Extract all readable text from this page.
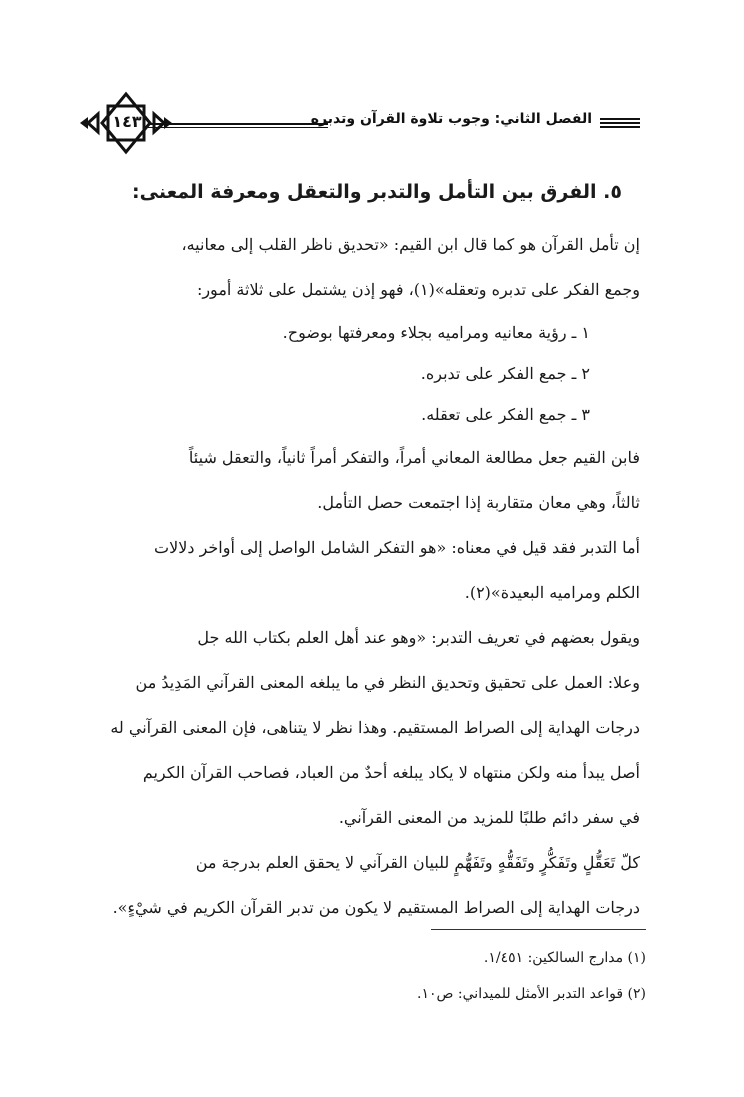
١٤٣	الفصل الثاني: وجوب تلاوة القرآن وتدبره
٥. الفرق بين التأمل والتدبر والتعقل ومعرفة المعنى:

إن تأمل القرآن هو كما قال ابن القيم: «تحديق ناظر القلب إلى معانيه،

وجمع الفكر على تدبره وتعقله»(١)، فهو إذن يشتمل على ثلاثة أمور:

١ ـ رؤية معانيه ومراميه بجلاء ومعرفتها بوضوح.

٢ ـ جمع الفكر على تدبره.

٣ ـ جمع الفكر على تعقله.

فابن القيم جعل مطالعة المعاني أمراً، والتفكر أمراً ثانياً، والتعقل شيئاً

ثالثاً، وهي معان متقاربة إذا اجتمعت حصل التأمل.

أما التدبر فقد قيل في معناه: «هو التفكر الشامل الواصل إلى أواخر دلالات

الكلم ومراميه البعيدة»(٢).

ويقول بعضهم في تعريف التدبر: «وهو عند أهل العلم بكتاب الله جل

وعلا: العمل على تحقيق وتحديق النظر في ما يبلغه المعنى القرآني المَدِيدُ من

درجات الهداية إلى الصراط المستقيم. وهذا نظر لا يتناهى، فإن المعنى القرآني له

أصل يبدأ منه ولكن منتهاه لا يكاد يبلغه أحدٌ من العباد، فصاحب القرآن الكريم

في سفر دائم طلبًا للمزيد من المعنى القرآني.

كلّ تَعَقُّلٍ وتَفَكُّرٍ وتَفَقُّهٍ وتَفَهُّمٍ للبيان القرآني لا يحقق العلم بدرجة من

درجات الهداية إلى الصراط المستقيم لا يكون من تدبر القرآن الكريم في شيْءٍ».

(١) مدارج السالكين: ١/٤٥١.
(٢) قواعد التدبر الأمثل للميداني: ص١٠.
